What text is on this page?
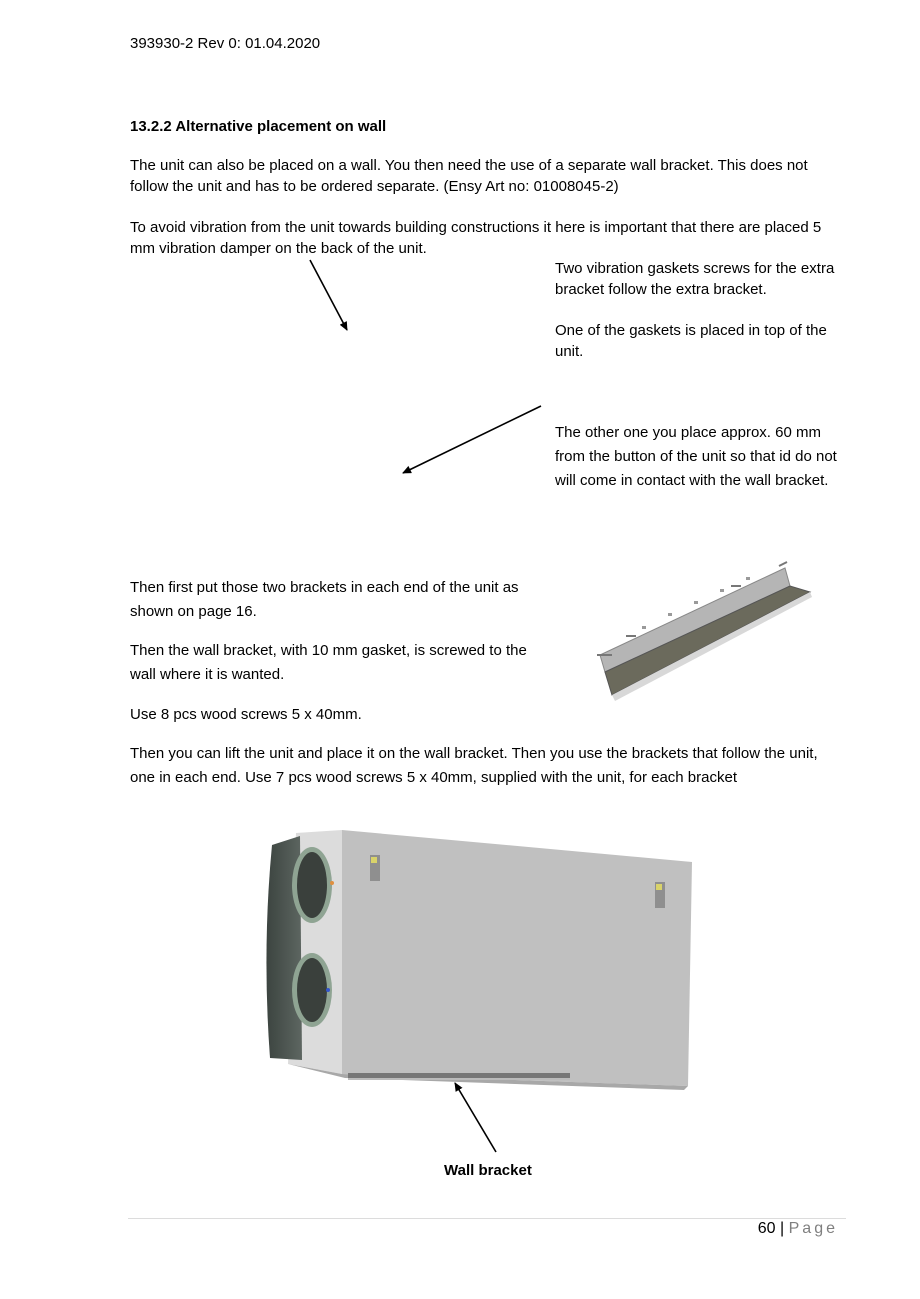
393930-2 Rev 0: 01.04.2020

13.2.2 Alternative placement on wall

The unit can also be placed on a wall. You then need the use of a separate wall bracket. This does not follow the unit and has to be ordered separate. (Ensy Art no: 01008045-2)

To avoid vibration from the unit towards building constructions it here is important that there are placed 5 mm vibration damper on the back of the unit.

Two vibration gaskets screws for the extra bracket follow the extra bracket.

One of the gaskets is placed in top of the unit.

The other one you place approx. 60 mm from the button of the unit so that id do not will come in contact with the wall bracket.

Then first put those two brackets in each end of the unit as shown on page 16.

Then the wall bracket, with 10 mm gasket, is screwed to the wall where it is wanted.

Use 8 pcs wood screws 5 x 40mm.

Then you can lift the unit and place it on the wall bracket. Then you use the brackets that follow the unit, one in each end. Use 7 pcs wood screws 5 x 40mm, supplied with the unit, for each bracket

Wall bracket

60 | Page
